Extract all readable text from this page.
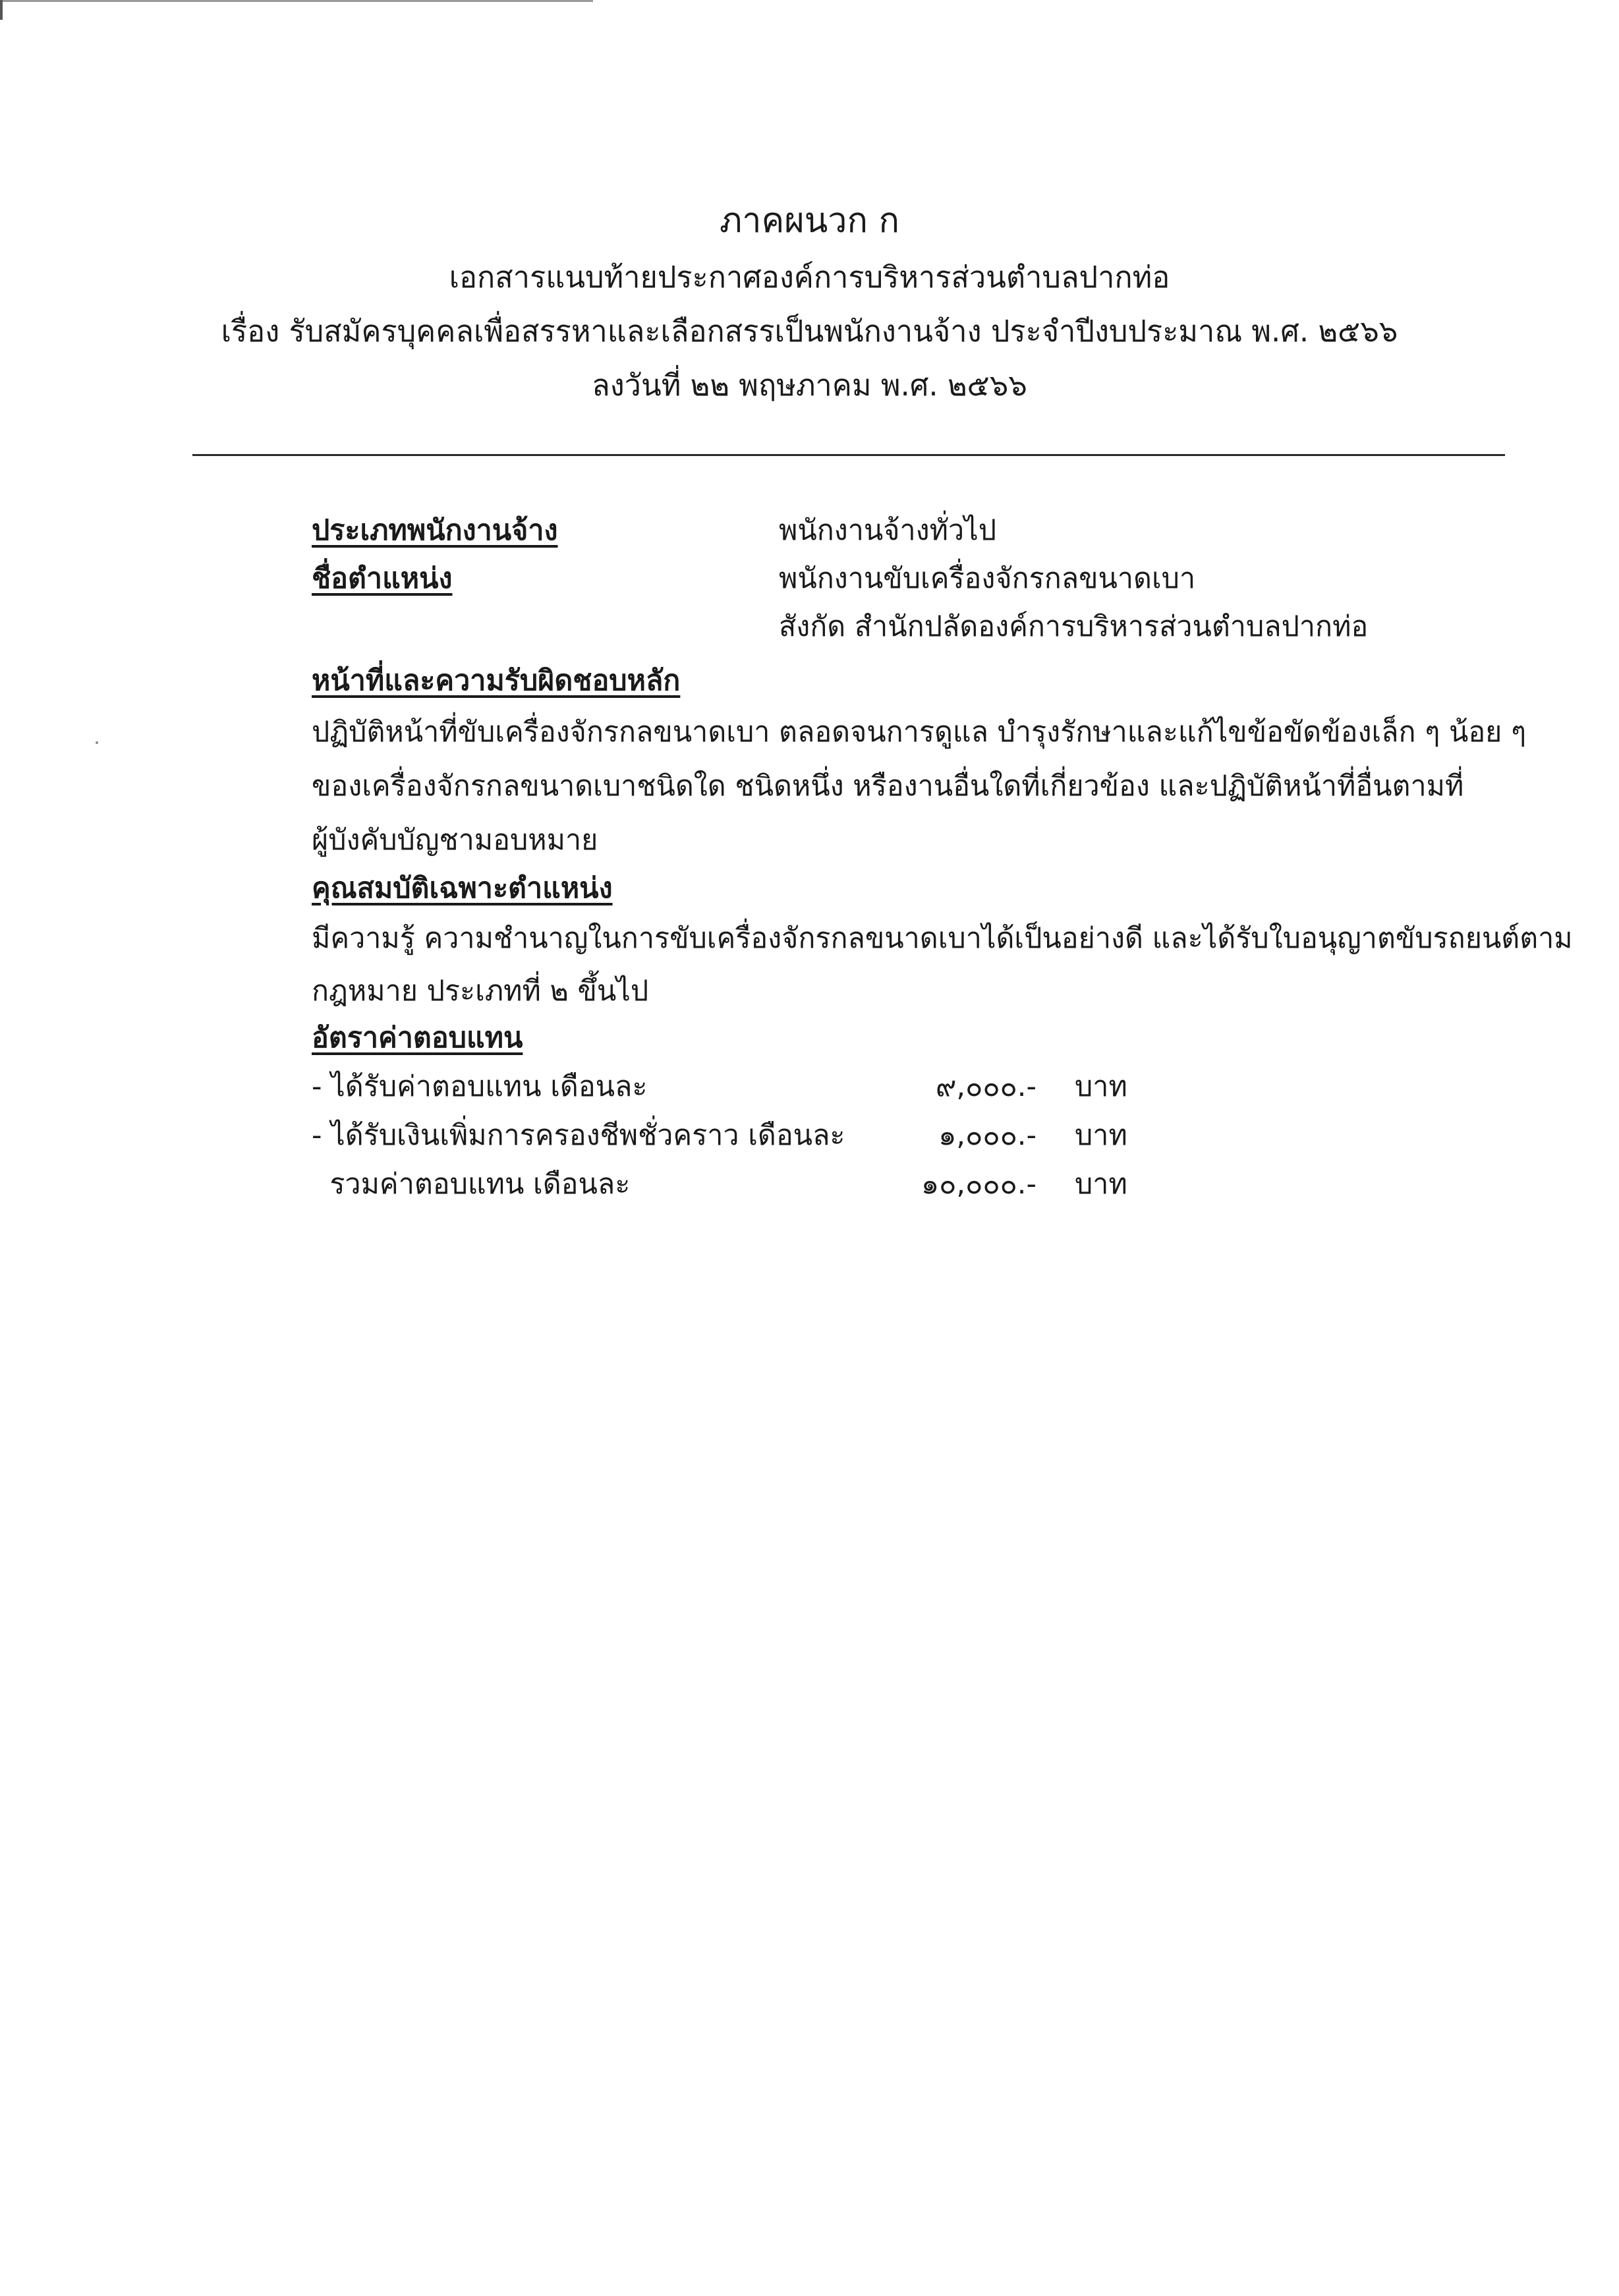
ภาคผนวก ก
เอกสารแนบท้ายประกาศองค์การบริหารส่วนตำบลปากท่อ
เรื่อง รับสมัครบุคคลเพื่อสรรหาและเลือกสรรเป็นพนักงานจ้าง ประจำปีงบประมาณ พ.ศ. ๒๕๖๖
ลงวันที่ ๒๒ พฤษภาคม พ.ศ. ๒๕๖๖
ประเภทพนักงานจ้าง	พนักงานจ้างทั่วไป
ชื่อตำแหน่ง	พนักงานขับเครื่องจักรกลขนาดเบา
สังกัด สำนักปลัดองค์การบริหารส่วนตำบลปากท่อ
หน้าที่และความรับผิดชอบหลัก
ปฏิบัติหน้าที่ขับเครื่องจักรกลขนาดเบา ตลอดจนการดูแล บำรุงรักษาและแก้ไขข้อขัดข้องเล็ก ๆ น้อย ๆ
ของเครื่องจักรกลขนาดเบาชนิดใด ชนิดหนึ่ง หรืองานอื่นใดที่เกี่ยวข้อง และปฏิบัติหน้าที่อื่นตามที่
ผู้บังคับบัญชามอบหมาย
คุณสมบัติเฉพาะตำแหน่ง
มีความรู้ ความชำนาญในการขับเครื่องจักรกลขนาดเบาได้เป็นอย่างดี และได้รับใบอนุญาตขับรถยนต์ตาม
กฎหมาย ประเภทที่ ๒ ขึ้นไป
อัตราค่าตอบแทน
- ได้รับค่าตอบแทน เดือนละ	๙,๐๐๐.- บาท
- ได้รับเงินเพิ่มการครองชีพชั่วคราว เดือนละ	๑,๐๐๐.- บาท
รวมค่าตอบแทน เดือนละ	๑๐,๐๐๐.- บาท
